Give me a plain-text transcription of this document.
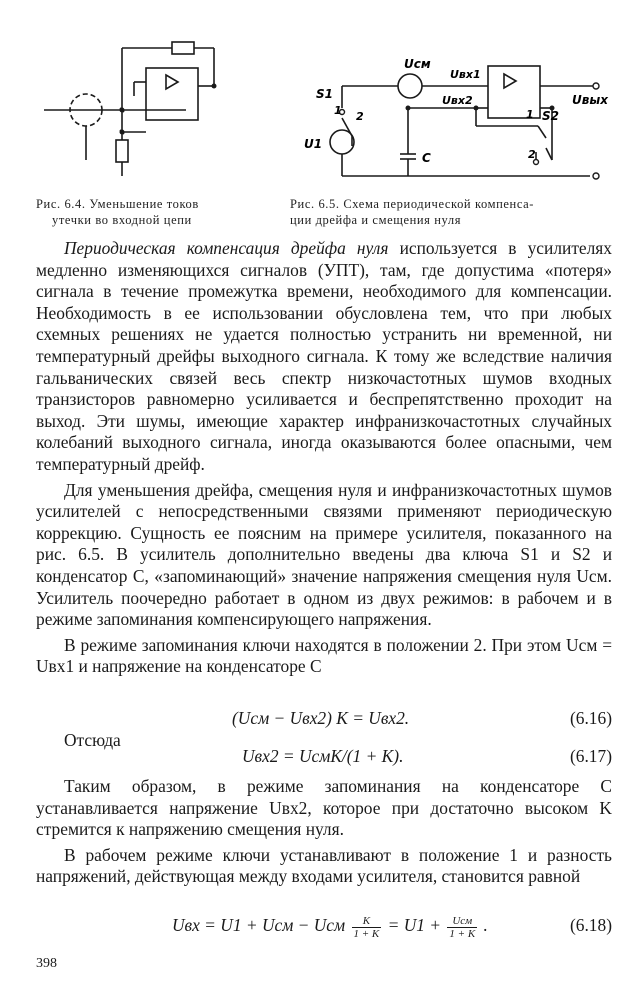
Рис. 6.4. Уменьшение токов
утечки во входной цепи
Uсм
Uвх1
Uвх2
S1
1 2
U1
C
S2
1
2
Uвых
Рис. 6.5. Схема периодической компенса-
ции дрейфа и смещения нуля

Периодическая компенсация дрейфа нуля используется в усилителях медленно изменяющихся сигналов (УПТ), там, где допустима «потеря» сигнала в течение промежутка времени, необходимого для компенсации. Необходимость в ее использовании обусловлена тем, что при любых схемных решениях не удается полностью устранить ни временной, ни температурный дрейфы выходного сигнала. К тому же вследствие наличия гальванических связей весь спектр низкочастотных шумов входных транзисторов равномерно усиливается и беспрепятственно проходит на выход. Эти шумы, имеющие характер инфранизкочастотных случайных колебаний выходного сигнала, иногда оказываются более опасными, чем температурный дрейф.

Для уменьшения дрейфа, смещения нуля и инфранизкочастотных шумов усилителей с непосредственными связями применяют периодическую коррекцию. Сущность ее поясним на примере усилителя, показанного на рис. 6.5. В усилитель дополнительно введены два ключа S1 и S2 и конденсатор C, «запоминающий» значение напряжения смещения нуля Uсм. Усилитель поочередно работает в одном из двух режимов: в рабочем и в режиме запоминания компенсирующего напряжения.

В режиме запоминания ключи находятся в положении 2. При этом Uсм = Uвх1 и напряжение на конденсаторе C

(Uсм − Uвх2) K = Uвх2.	(6.16)
Отсюда
Uвх2 = UсмK/(1 + K).	(6.17)

Таким образом, в режиме запоминания на конденсаторе C устанавливается напряжение Uвх2, которое при достаточно высоком K стремится к напряжению смещения нуля.

В рабочем режиме ключи устанавливают в положение 1 и разность напряжений, действующая между входами усилителя, становится равной

Uвх = U1 + Uсм − Uсм $\frac{K}{1 + K} = U1 + \frac{\text{Uсм}}{1 + K}$ .	(6.18)
398
